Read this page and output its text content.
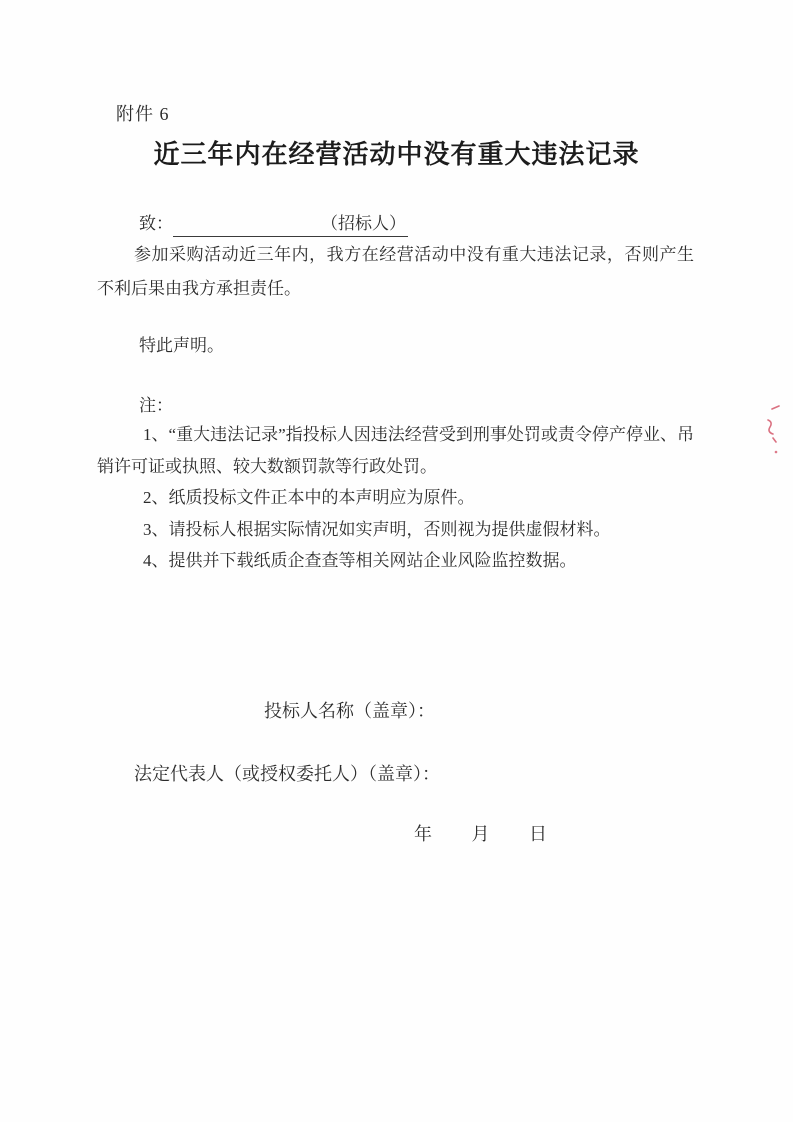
附件 6
近三年内在经营活动中没有重大违法记录
致：	（招标人）
参加采购活动近三年内，我方在经营活动中没有重大违法记录，否则产生不利后果由我方承担责任。
特此声明。
注：

1、“重大违法记录”指投标人因违法经营受到刑事处罚或责令停产停业、吊销许可证或执照、较大数额罚款等行政处罚。

2、纸质投标文件正本中的本声明应为原件。

3、请投标人根据实际情况如实声明，否则视为提供虚假材料。

4、提供并下载纸质企查查等相关网站企业风险监控数据。

投标人名称（盖章）：
法定代表人（或授权委托人）（盖章）：
年 月 日
